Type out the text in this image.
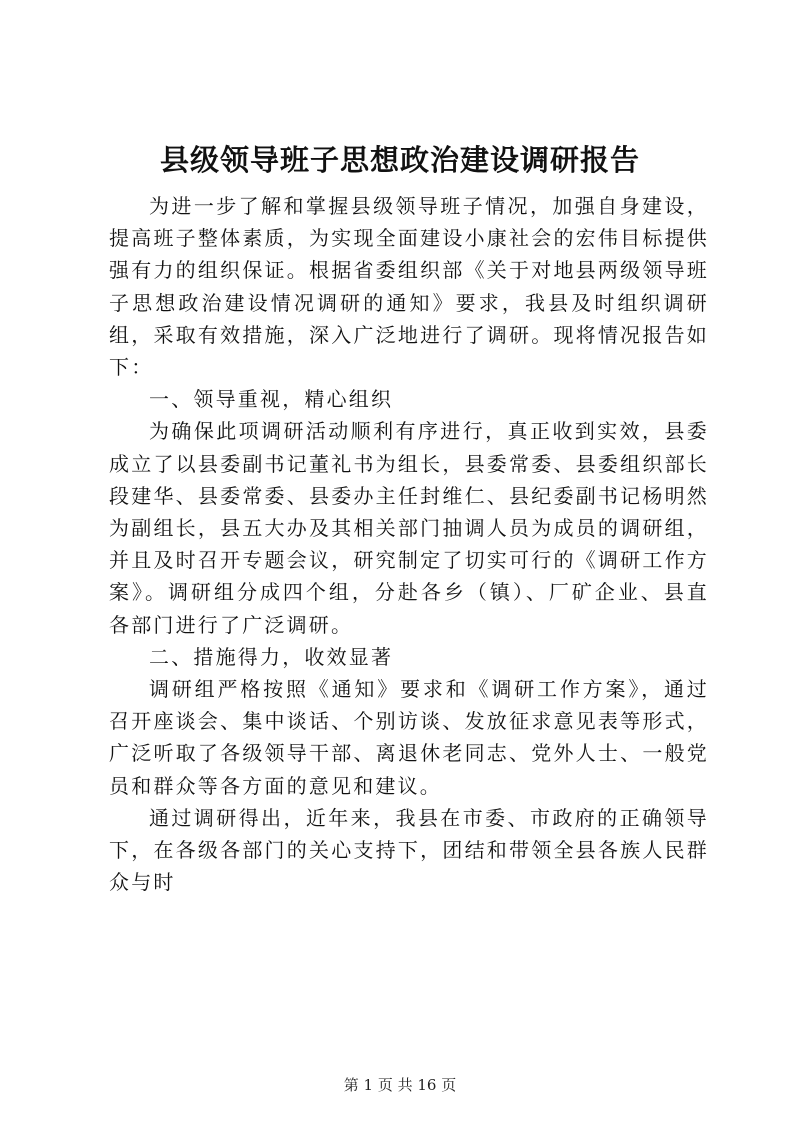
县级领导班子思想政治建设调研报告

为进一步了解和掌握县级领导班子情况，加强自身建设，提高班子整体素质，为实现全面建设小康社会的宏伟目标提供强有力的组织保证。根据省委组织部《关于对地县两级领导班子思想政治建设情况调研的通知》要求，我县及时组织调研组，采取有效措施，深入广泛地进行了调研。现将情况报告如下：

一、领导重视，精心组织

为确保此项调研活动顺利有序进行，真正收到实效，县委成立了以县委副书记董礼书为组长，县委常委、县委组织部长段建华、县委常委、县委办主任封维仁、县纪委副书记杨明然为副组长，县五大办及其相关部门抽调人员为成员的调研组，并且及时召开专题会议，研究制定了切实可行的《调研工作方案》。调研组分成四个组，分赴各乡（镇）、厂矿企业、县直各部门进行了广泛调研。

二、措施得力，收效显著

调研组严格按照《通知》要求和《调研工作方案》，通过召开座谈会、集中谈话、个别访谈、发放征求意见表等形式，广泛听取了各级领导干部、离退休老同志、党外人士、一般党员和群众等各方面的意见和建议。

通过调研得出，近年来，我县在市委、市政府的正确领导下，在各级各部门的关心支持下，团结和带领全县各族人民群众与时

第 1 页 共 16 页
